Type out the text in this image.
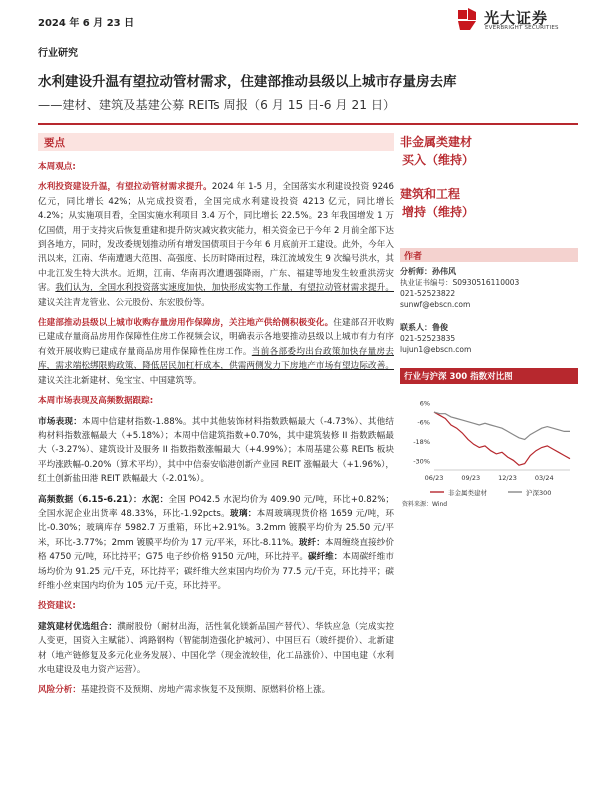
2024 年 6 月 23 日	光大证券
EVERBRIGHT SECURITIES
行业研究
水利建设升温有望拉动管材需求，住建部推动县级以上城市存量房去库
——建材、建筑及基建公募 REITs 周报（6 月 15 日-6 月 21 日）
要点

本周观点:

水利投资建设升温，有望拉动管材需求提升。2024 年 1-5 月，全国落实水利建设投资 9246 亿元，同比增长 42%；从完成投资看，全国完成水利建设投资 4213 亿元，同比增长 4.2%；从实施项目看，全国实施水利项目 3.4 万个，同比增长 22.5%。23 年我国增发 1 万亿国债，用于支持灾后恢复重建和提升防灾减灾救灾能力，相关资金已于今年 2 月前全部下达到各地方，同时，发改委规划推动所有增发国债项目于今年 6 月底前开工建设。此外，今年入汛以来，江南、华南遭遇大范围、高强度、长历时降雨过程，珠江流域发生 9 次编号洪水，其中北江发生特大洪水。近期，江南、华南再次遭遇强降雨，广东、福建等地发生较重洪涝灾害。我们认为，全国水利投资落实速度加快，加快形成实物工作量，有望拉动管材需求提升。建议关注青龙管业、公元股份、东宏股份等。

住建部推动县级以上城市收购存量房用作保障房，关注地产供给侧积极变化。住建部召开收购已建成存量商品房用作保障性住房工作视频会议，明确表示各地要推动县级以上城市有力有序有效开展收购已建成存量商品房用作保障性住房工作。当前各部委均出台政策加快存量房去库，需求端松绑限购政策、降低居民加杠杆成本，供需两侧发力下房地产市场有望边际改善。建议关注北新建材、兔宝宝、中国建筑等。

本周市场表现及高频数据跟踪:

市场表现：本周中信建材指数-1.88%。其中其他装饰材料指数跌幅最大（-4.73%）、其他结构材料指数涨幅最大（+5.18%）；本周中信建筑指数+0.70%，其中建筑装修 II 指数跌幅最大（-3.27%）、建筑设计及服务 II 指数指数涨幅最大（+4.99%）；本周基建公募 REITs 板块平均涨跌幅-0.20%（算术平均），其中中信泰安临港创新产业园 REIT 涨幅最大（+1.96%），红土创新盐田港 REIT 跌幅最大（-2.01%）。

高频数据（6.15-6.21）：水泥：全国 PO42.5 水泥均价为 409.90 元/吨，环比+0.82%；全国水泥企业出货率 48.33%，环比-1.92pcts。玻璃：本周玻璃现货价格 1659 元/吨，环比-0.30%；玻璃库存 5982.7 万重箱，环比+2.91%。3.2mm 镀膜平均价为 25.50 元/平米，环比-3.77%；2mm 镀膜平均价为 17 元/平米，环比-8.11%。玻纤：本周缠绕直接纱价格 4750 元/吨，环比持平；G75 电子纱价格 9150 元/吨，环比持平。碳纤维：本周碳纤维市场均价为 91.25 元/千克，环比持平；碳纤维大丝束国内均价为 77.5 元/千克，环比持平；碳纤维小丝束国内均价为 105 元/千克，环比持平。

投资建议:

建筑建材优选组合：濮耐股份（耐材出海，活性氧化镁新品国产替代）、华铁应急（完成实控人变更，国资入主赋能）、鸿路钢构（智能制造强化护城河）、中国巨石（玻纤提价）、北新建材（地产链修复及多元化业务发展）、中国化学（现金流较佳，化工品涨价）、中国电建（水利水电建设及电力资产运营）。

风险分析：基建投资不及预期、房地产需求恢复不及预期、原燃料价格上涨。

非金属类建材
买入（维持）
建筑和工程
增持（维持）
作者
分析师：孙伟风
执业证书编号：S0930516110003
021-52523822
sunwf@ebscn.com
联系人：鲁俊
021-52523835
lujun1@ebscn.com
行业与沪深 300 指数对比图
6%
-6%
-18%
-30%
06/23	09/23	12/23	03/24
非金属类建材	沪深300
资料来源：Wind
